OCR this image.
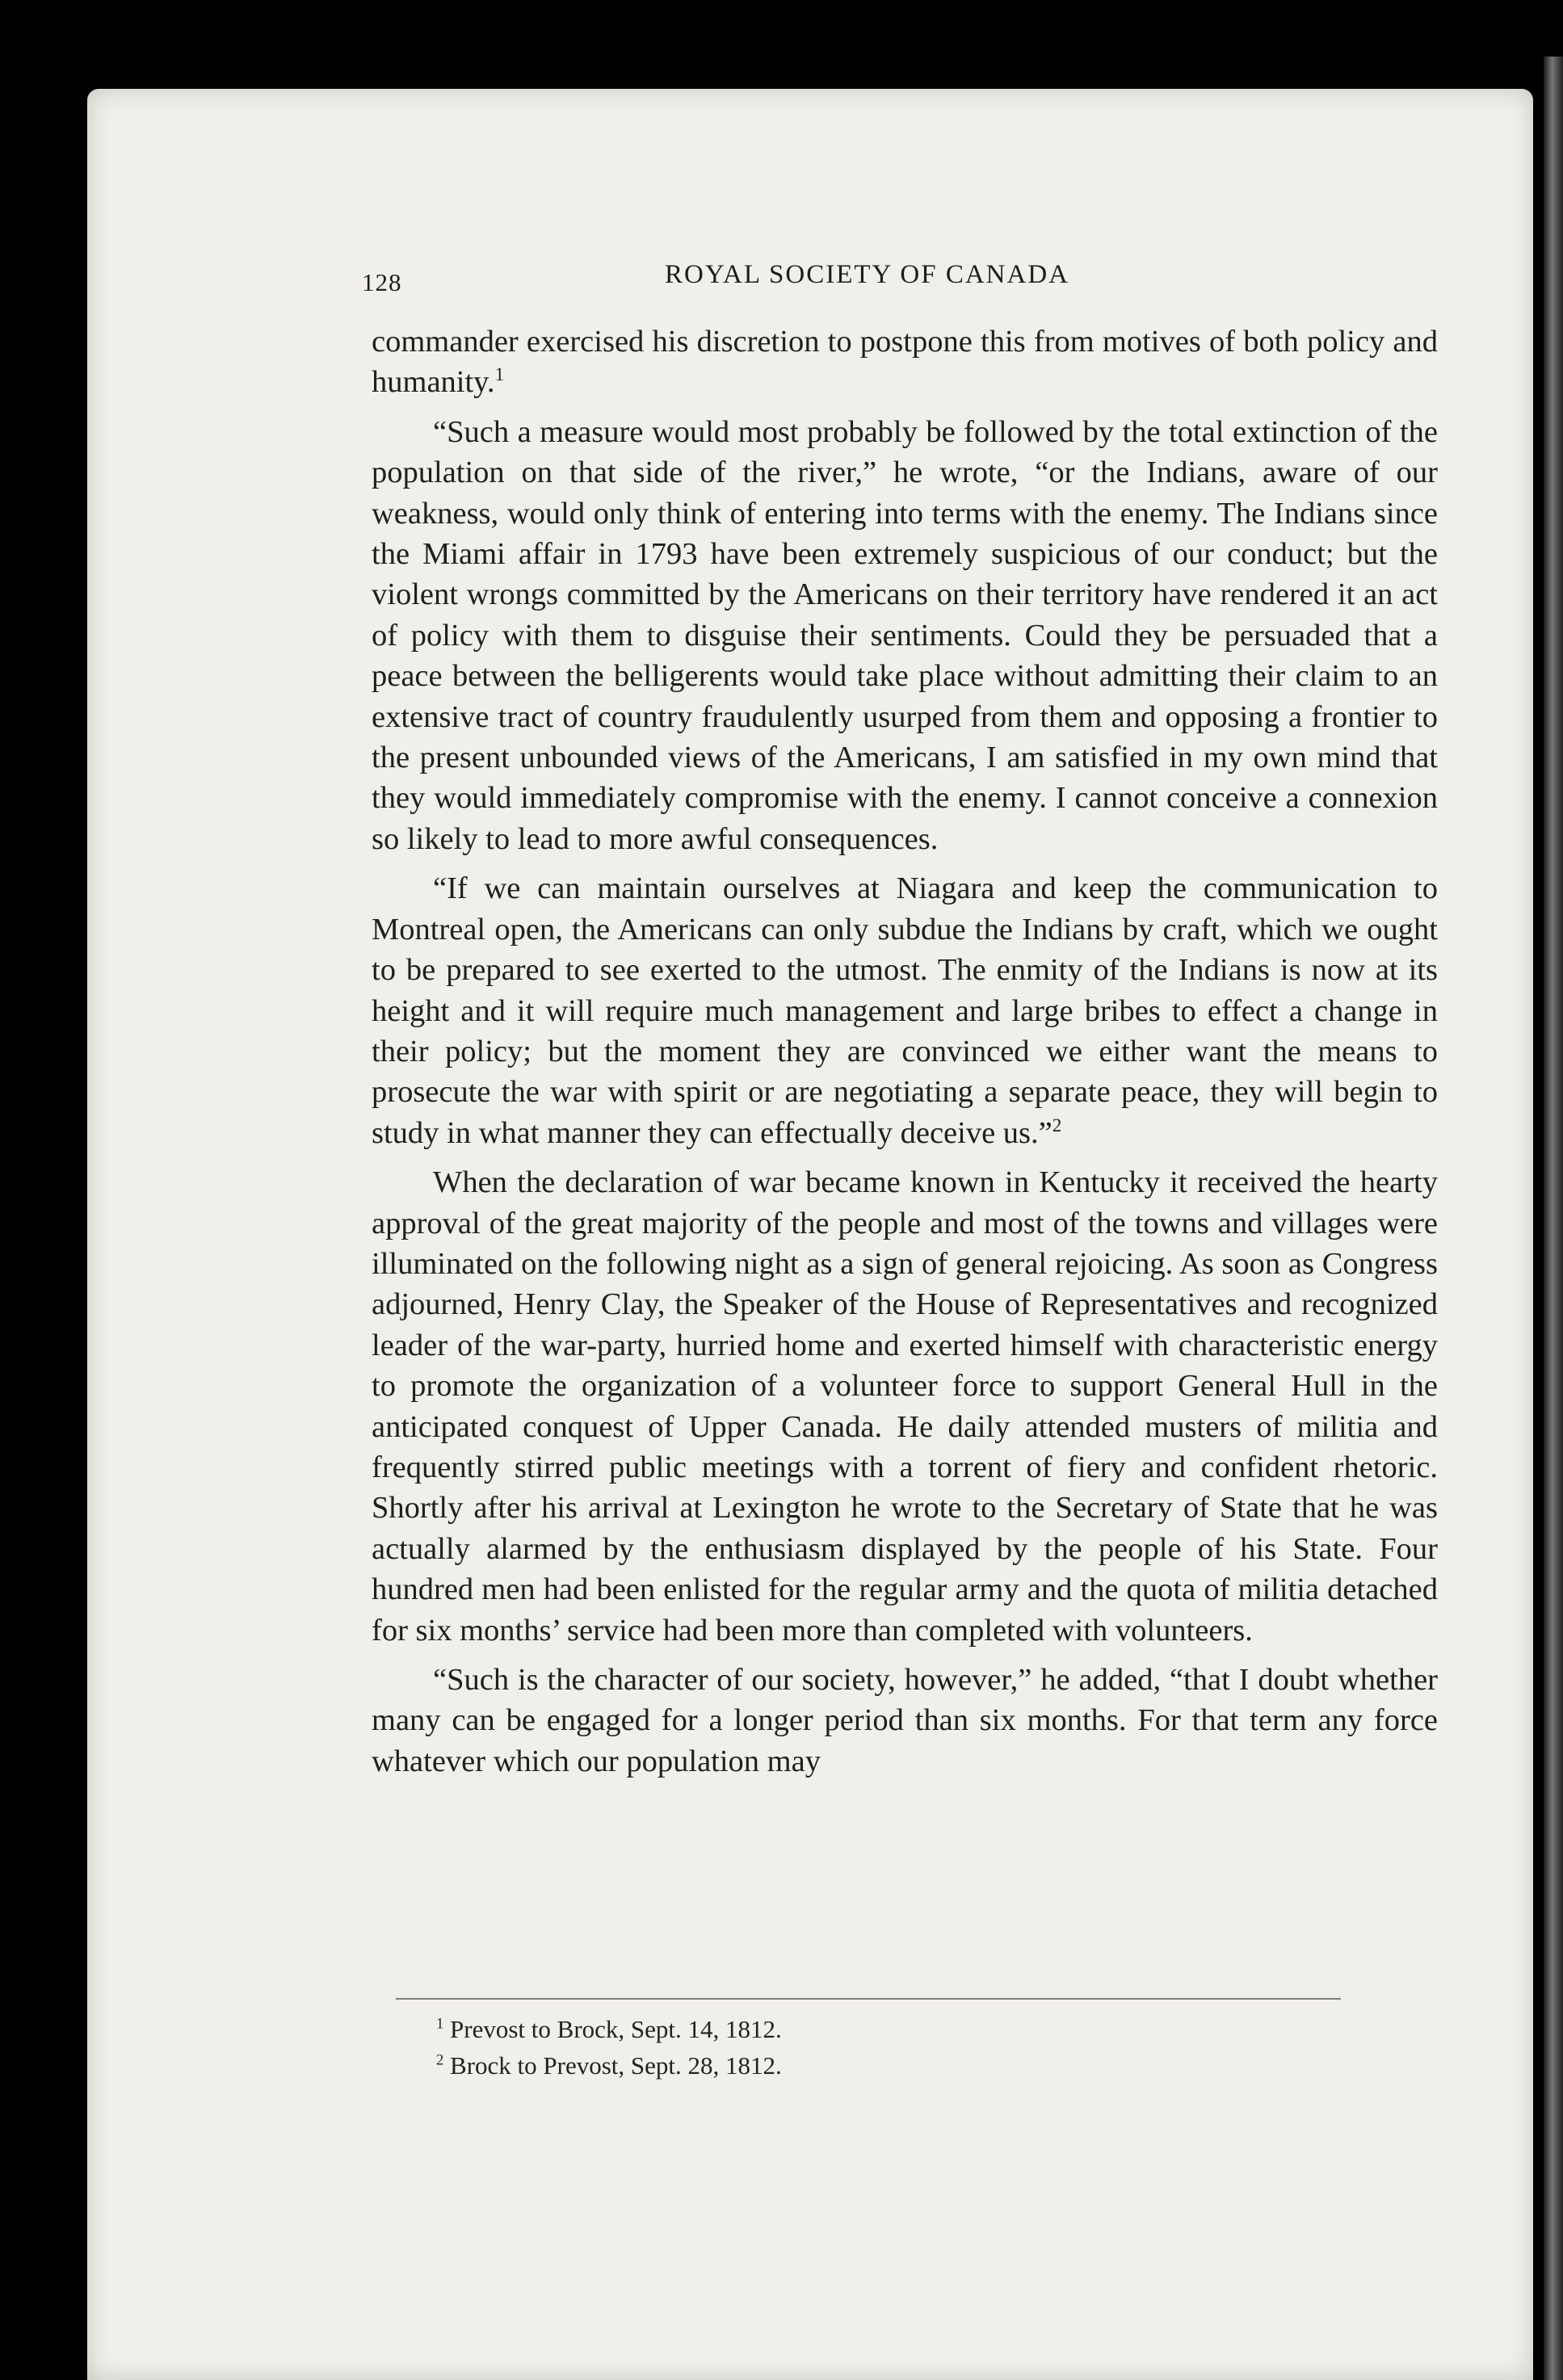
128	ROYAL SOCIETY OF CANADA

commander exercised his discretion to postpone this from motives of both policy and humanity.$^1$

“Such a measure would most probably be followed by the total extinction of the population on that side of the river,” he wrote, “or the Indians, aware of our weakness, would only think of entering into terms with the enemy. The Indians since the Miami affair in 1793 have been extremely suspicious of our conduct; but the violent wrongs committed by the Americans on their territory have rendered it an act of policy with them to disguise their sentiments. Could they be persuaded that a peace between the belligerents would take place without admitting their claim to an extensive tract of country fraudulently usurped from them and opposing a frontier to the present unbounded views of the Americans, I am satisfied in my own mind that they would immediately compromise with the enemy. I cannot conceive a connexion so likely to lead to more awful consequences.

“If we can maintain ourselves at Niagara and keep the communication to Montreal open, the Americans can only subdue the Indians by craft, which we ought to be prepared to see exerted to the utmost. The enmity of the Indians is now at its height and it will require much management and large bribes to effect a change in their policy; but the moment they are convinced we either want the means to prosecute the war with spirit or are negotiating a separate peace, they will begin to study in what manner they can effectually deceive us.”$^2$

When the declaration of war became known in Kentucky it received the hearty approval of the great majority of the people and most of the towns and villages were illuminated on the following night as a sign of general rejoicing. As soon as Congress adjourned, Henry Clay, the Speaker of the House of Representatives and recognized leader of the war-party, hurried home and exerted himself with characteristic energy to promote the organization of a volunteer force to support General Hull in the anticipated conquest of Upper Canada. He daily attended musters of militia and frequently stirred public meetings with a torrent of fiery and confident rhetoric. Shortly after his arrival at Lexington he wrote to the Secretary of State that he was actually alarmed by the enthusiasm displayed by the people of his State. Four hundred men had been enlisted for the regular army and the quota of militia detached for six months’ service had been more than completed with volunteers.

“Such is the character of our society, however,” he added, “that I doubt whether many can be engaged for a longer period than six months. For that term any force whatever which our population may

$^1$ Prevost to Brock, Sept. 14, 1812.
$^2$ Brock to Prevost, Sept. 28, 1812.
